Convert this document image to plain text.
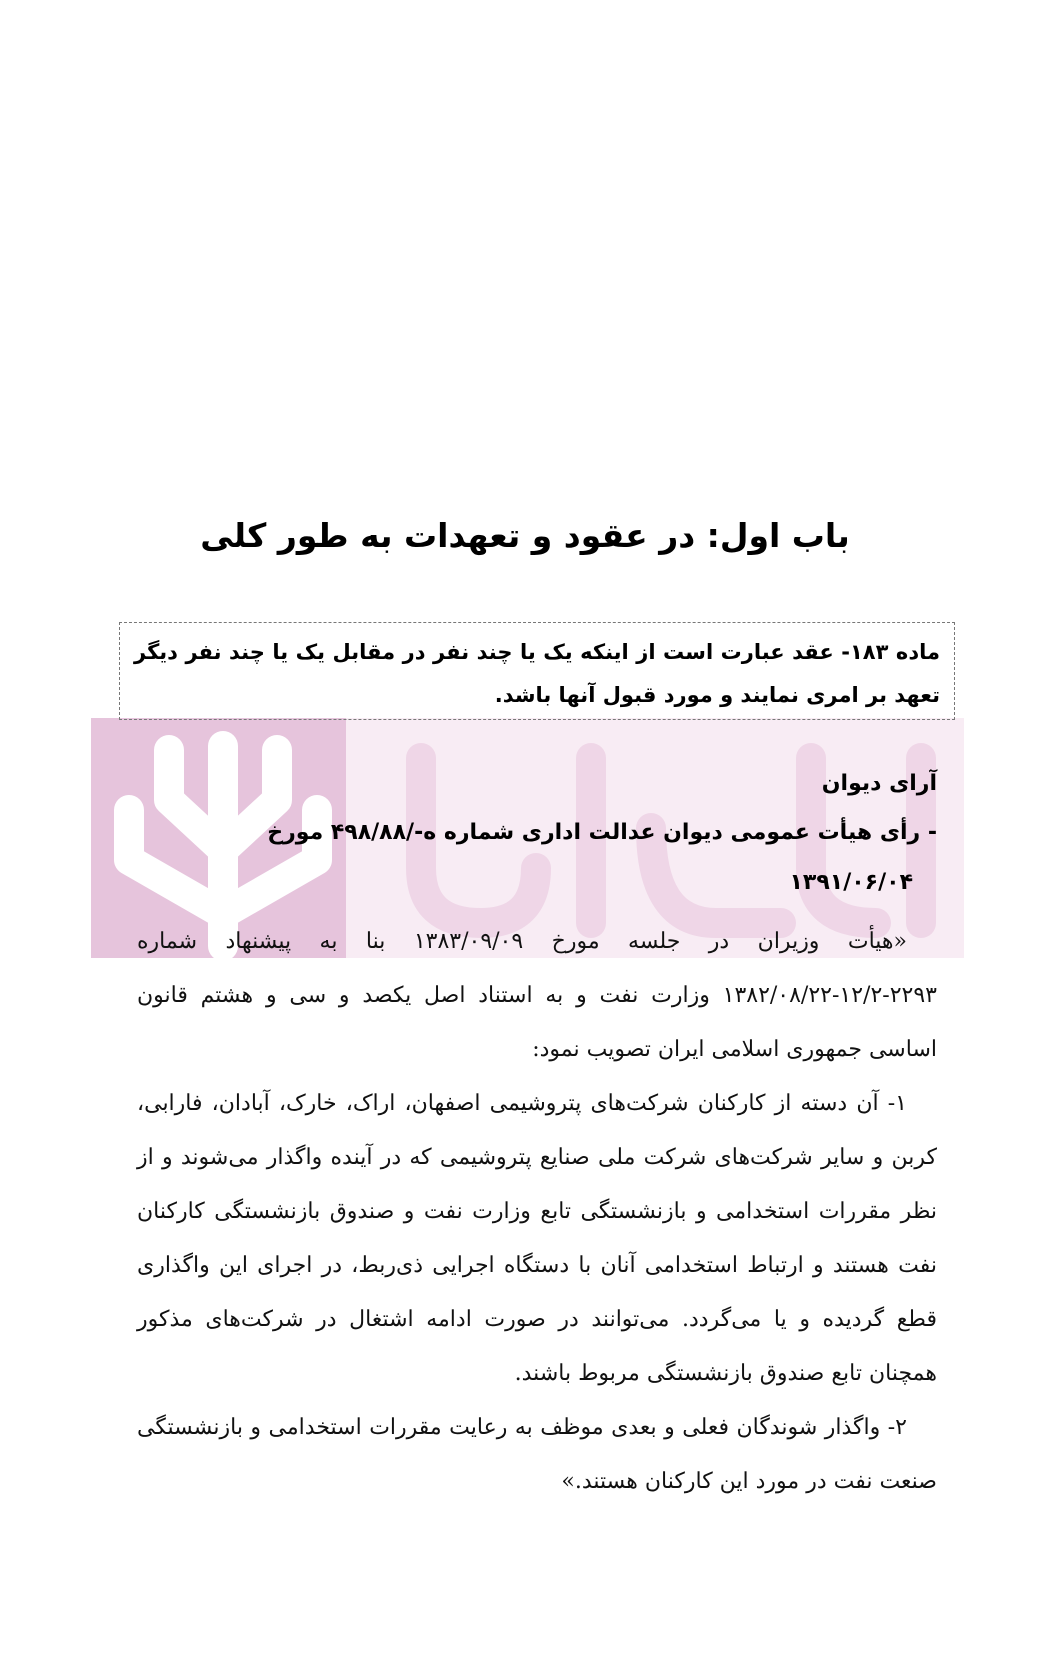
باب اول: در عقود و تعهدات به طور کلی
ماده ۱۸۳- عقد عبارت است از اینکه یک یا چند نفر در مقابل یک یا چند نفر دیگر تعهد بر امری نمایند و مورد قبول آنها باشد.

آرای دیوان

- رأی هیأت عمومی دیوان عدالت اداری شماره ه-/۴۹۸/۸۸ مورخ
۱۳۹۱/۰۶/۰۴

«هیأت وزیران در جلسه مورخ ۱۳۸۳/۰۹/۰۹ بنا به پیشنهاد شماره ۲۲۹۳-۱۲/۲-۱۳۸۲/۰۸/۲۲ وزارت نفت و به استناد اصل یکصد و سی و هشتم قانون اساسی جمهوری اسلامی ایران تصویب نمود:

۱- آن دسته از کارکنان شرکت‌های پتروشیمی اصفهان، اراک، خارک، آبادان، فارابی، کربن و سایر شرکت‌های شرکت ملی صنایع پتروشیمی که در آینده واگذار می‌شوند و از نظر مقررات استخدامی و بازنشستگی تابع وزارت نفت و صندوق بازنشستگی کارکنان نفت هستند و ارتباط استخدامی آنان با دستگاه اجرایی ذی‌ربط، در اجرای این واگذاری قطع گردیده و یا می‌گردد. می‌توانند در صورت ادامه اشتغال در شرکت‌های مذکور همچنان تابع صندوق بازنشستگی مربوط باشند.

۲- واگذار شوندگان فعلی و بعدی موظف به رعایت مقررات استخدامی و بازنشستگی صنعت نفت در مورد این کارکنان هستند.»
